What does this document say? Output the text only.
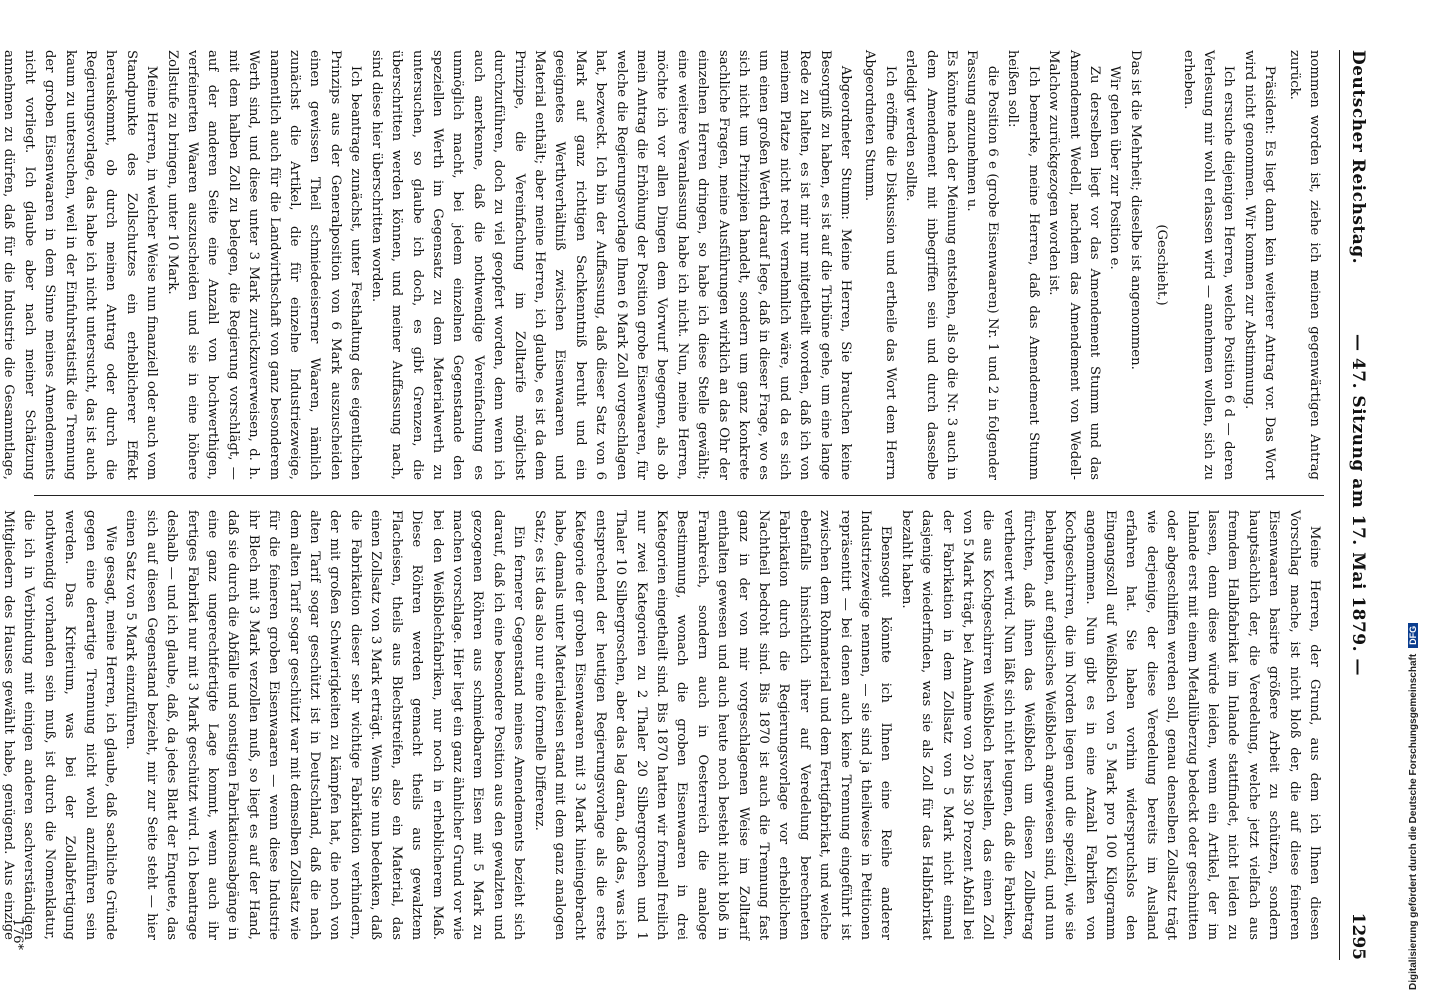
Deutscher Reichstag.
— 47. Sitzung am 17. Mai 1879. —
1295

nommen worden ist, ziehe ich meinen gegenwärtigen Antrag zurück.

Präsident: Es liegt dann kein weiterer Antrag vor. Das Wort wird nicht genommen. Wir kommen zur Abstimmung.

Ich ersuche diejenigen Herren, welche Position 6 d — deren Verlesung mir wohl erlassen wird — annehmen wollen, sich zu erheben.

(Geschieht.)

Das ist die Mehrheit; dieselbe ist angenommen.

Wir gehen über zur Position e.

Zu derselben liegt vor das Amendement Stumm und das Amendement Wedell, nachdem das Amendement von Wedell-Malchow zurückgezogen worden ist.

Ich bemerke, meine Herren, daß das Amendement Stumm heißen soll:

die Position 6 e (grobe Eisenwaaren) Nr. 1 und 2 in folgender Fassung anzunehmen u.

Es könnte nach der Meinung entstehen, als ob die Nr. 3 auch in dem Amendement mit inbegriffen sein und durch dasselbe erledigt werden sollte.

Ich eröffne die Diskussion und ertheile das Wort dem Herrn Abgeordneten Stumm.

Abgeordneter Stumm: Meine Herren, Sie brauchen keine Besorgniß zu haben, es ist auf die Tribüne gehe, um eine lange Rede zu halten, es ist mir nur mitgetheilt worden, daß ich von meinem Platze nicht recht vernehmlich wäre, und da es sich um einen großen Werth darauf lege, daß in dieser Frage, wo es sich nicht um Prinzipien handelt, sondern um ganz konkrete sachliche Fragen, meine Ausführungen wirklich an das Ohr der einzelnen Herren dringen, so habe ich diese Stelle gewählt; eine weitere Veranlassung habe ich nicht. Nun, meine Herren, möchte ich vor allen Dingen dem Vorwurf begegnen, als ob mein Antrag die Erhöhung der Position grobe Eisenwaaren, für welche die Regierungsvorlage Ihnen 6 Mark Zoll vorgeschlagen hat, bezweckt. Ich bin der Auffassung, daß dieser Satz von 6 Mark auf ganz richtigen Sachkenntniß beruht und ein geeignetes Werthverhältniß zwischen Eisenwaaren und Material enthält; aber meine Herren, ich glaube, es ist da dem Prinzipe, die Vereinfachung im Zolltarife möglichst durchzuführen, doch zu viel geopfert worden, denn wenn ich auch anerkenne, daß die nothwendige Vereinfachung es unmöglich macht, bei jedem einzelnen Gegenstande den speziellen Werth im Gegensatz zu dem Materialwerth zu untersuchen, so glaube ich doch, es gibt Grenzen, die überschritten werden können, und meiner Auffassung nach, sind diese hier überschritten worden.

Ich beantrage zunächst, unter Festhaltung des eigentlichen Prinzips aus der Generalposition von 6 Mark auszuscheiden einen gewissen Theil schmiedeeiserner Waaren, nämlich zunächst die Artikel, die für einzelne Industriezweige, namentlich auch für die Landwirthschaft von ganz besonderem Werth sind, und diese unter 3 Mark zurückzuverweisen, d. h. mit dem halben Zoll zu belegen, die Regierung vorschlägt, — auf der anderen Seite eine Anzahl von hochwerthigen, verfeinerten Waaren auszuscheiden und sie in eine höhere Zollstufe zu bringen, unter 10 Mark.

Meine Herren, in welcher Weise nun finanziell oder auch vom Standpunkte des Zollschutzes ein erheblicherer Effekt herauskommt, ob durch meinen Antrag oder durch die Regierungsvorlage, das habe ich nicht untersucht, das ist auch kaum zu untersuchen, weil in der Einfuhrstatistik die Trennung der groben Eisenwaaren in dem Sinne meines Amendements nicht vorliegt. Ich glaube aber nach meiner Schätzung annehmen zu dürfen, daß für die Industrie die Gesammtlage,

Meine Herren, der Grund, aus dem ich Ihnen diesen Vorschlag mache, ist nicht bloß der, die auf diese feineren Eisenwaaren basirte größere Arbeit zu schützen, sondern hauptsächlich der, die Veredelung, welche jetzt vielfach aus fremdem Halbfabrikat im Inlande stattfindet, nicht leiden zu lassen, denn diese würde leiden, wenn ein Artikel, der im Inlande erst mit einem Metallüberzug bedeckt oder geschnitten oder abgeschliffen werden soll, genau denselben Zollsatz trägt wie derjenige, der diese Veredelung bereits im Ausland erfahren hat. Sie haben vorhin widerspruchslos den Eingangszoll auf Weißblech von 5 Mark pro 100 Kilogramm angenommen. Nun gibt es in eine Anzahl Fabriken von Kochgeschirren, die im Norden liegen und die speziell, wie sie behaupten, auf englisches Weißblech angewiesen sind, und nun fürchten, daß ihnen das Weißblech um diesen Zollbetrag vertheuert wird. Nun läßt sich nicht leugnen, daß die Fabriken, die aus Kochgeschirren Weißblech herstellen, das einen Zoll von 5 Mark trägt, bei Annahme von 20 bis 30 Prozent Abfall bei der Fabrikation in dem Zollsatz von 5 Mark nicht einmal dasjenige wiederfinden, was sie als Zoll für das Halbfabrikat bezahlt haben.

Ebensogut könnte ich Ihnen eine Reihe anderer Industriezweige nennen, — sie sind ja theilweise in Petitionen repräsentirt — bei denen auch keine Trennung eingeführt ist zwischen dem Rohmaterial und dem Fertigfabrikat, und welche ebenfalls hinsichtlich ihrer auf Veredelung berechneten Fabrikation durch die Regierungsvorlage vor erheblichem Nachtheil bedroht sind. Bis 1870 ist auch die Trennung fast ganz in der von mir vorgeschlagenen Weise im Zolltarif enthalten gewesen und auch heute noch besteht nicht bloß in Frankreich, sondern auch in Oesterreich die analoge Bestimmung, wonach die groben Eisenwaaren in drei Kategorien eingetheilt sind. Bis 1870 hatten wir formell freilich nur zwei Kategorien zu 2 Thaler 20 Silbergroschen und 1 Thaler 10 Silbergroschen, aber das lag daran, daß das, was ich entsprechend der heutigen Regierungsvorlage als die erste Kategorie der groben Eisenwaaren mit 3 Mark hineingebracht habe, damals unter Materialeisen stand mit dem ganz analogen Satz; es ist das also nur eine formelle Differenz.

Ein fernerer Gegenstand meines Amendements bezieht sich darauf, daß ich eine besondere Position aus den gewalzten und gezogenen Röhren aus schmiedbarem Eisen mit 5 Mark zu machen vorschlage. Hier liegt ein ganz ähnlicher Grund vor wie bei den Weißblechfabriken, nur noch in erheblicherem Maß. Diese Röhren werden gemacht theils aus gewalztem Flacheisen, theils aus Blechstreifen, also ein Material, das einen Zollsatz von 3 Mark erträgt. Wenn Sie nun bedenken, daß die Fabrikation dieser sehr wichtige Fabrikation verhindern, der mit großen Schwierigkeiten zu kämpfen hat, die noch von alten Tarif sogar geschützt ist in Deutschland, daß die nach dem alten Tarif sogar geschützt war mit demselben Zollsatz wie für die feineren groben Eisenwaaren — wenn diese Industrie ihr Blech mit 3 Mark verzollen muß, so liegt es auf der Hand, daß sie durch die Abfälle und sonstigen Fabrikationsabgänge in eine ganz ungerechtfertigte Lage kommt, wenn auch ihr fertiges Fabrikat nur mit 3 Mark geschützt wird. Ich beantrage deshalb — und ich glaube, daß, da jedes Blatt der Enquete, das sich auf diesen Gegenstand bezieht, mir zur Seite steht — hier einen Satz von 5 Mark einzuführen.

Wie gesagt, meine Herren, ich glaube, daß sachliche Gründe gegen eine derartige Trennung nicht wohl anzuführen sein werden. Das Kriterium, was bei der Zollabfertigung nothwendig vorhanden sein muß, ist durch die Nomenklatur, die ich in Verbindung mit einigen anderen sachverständigen Mitgliedern des Hauses gewählt habe, genügend. Aus einzige

176*	Digitalisierung gefördert durch die Deutsche ForschungsgemeinschaftDFG
